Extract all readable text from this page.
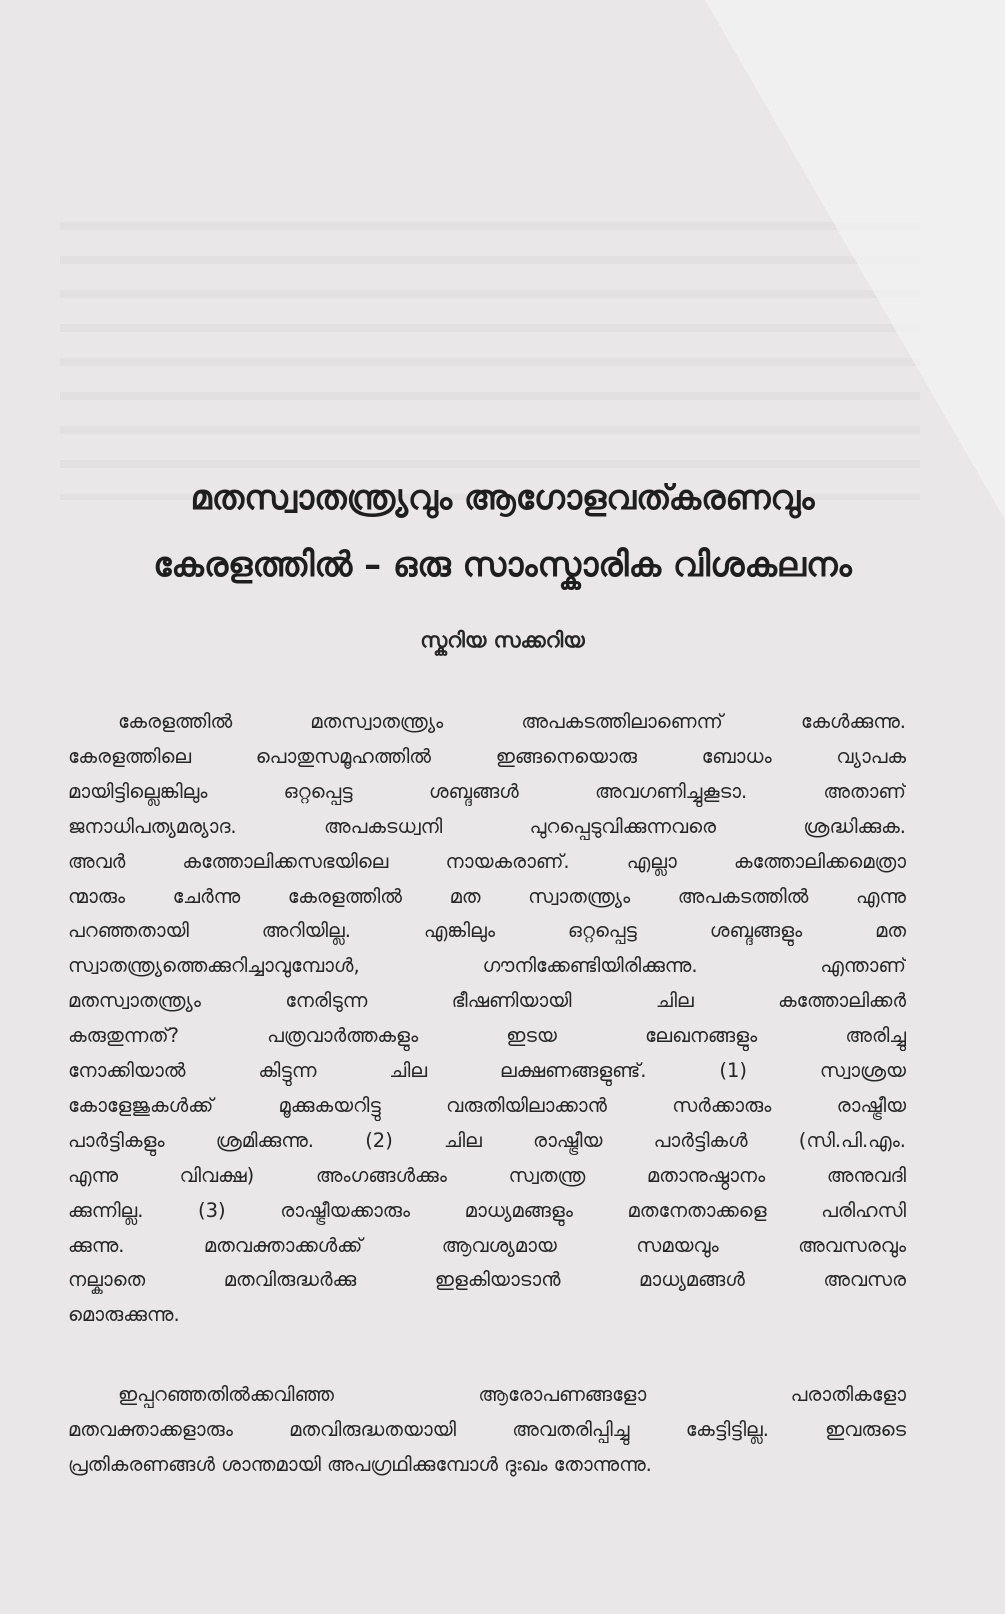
മതസ്വാതന്ത്ര്യവും ആഗോളവത്കരണവും
കേരളത്തിൽ – ഒരു സാംസ്കാരിക വിശകലനം
സ്കറിയ സക്കറിയ
കേരളത്തിൽ മതസ്വാതന്ത്ര്യം അപകടത്തിലാണെന്ന് കേൾക്കുന്നു.
കേരളത്തിലെ പൊതുസമൂഹത്തിൽ ഇങ്ങനെയൊരു ബോധം വ്യാപക
മായിട്ടില്ലെങ്കിലും ഒറ്റപ്പെട്ട ശബ്ദങ്ങൾ അവഗണിച്ചുകൂടാ. അതാണ്
ജനാധിപത്യമര്യാദ. അപകടധ്വനി പുറപ്പെടുവിക്കുന്നവരെ ശ്രദ്ധിക്കുക.
അവർ കത്തോലിക്കസഭയിലെ നായകരാണ്. എല്ലാ കത്തോലിക്കമെത്രാ
ന്മാരും ചേർന്നു കേരളത്തിൽ മത സ്വാതന്ത്ര്യം അപകടത്തിൽ എന്നു
പറഞ്ഞതായി അറിയില്ല. എങ്കിലും ഒറ്റപ്പെട്ട ശബ്ദങ്ങളും മത
സ്വാതന്ത്ര്യത്തെക്കുറിച്ചാവുമ്പോൾ, ഗൗനിക്കേണ്ടിയിരിക്കുന്നു. എന്താണ്
മതസ്വാതന്ത്ര്യം നേരിടുന്ന ഭീഷണിയായി ചില കത്തോലിക്കർ
കരുതുന്നത്? പത്രവാർത്തകളും ഇടയ ലേഖനങ്ങളും അരിച്ചു
നോക്കിയാൽ കിട്ടുന്ന ചില ലക്ഷണങ്ങളുണ്ട്. (1) സ്വാശ്രയ
കോളേജുകൾക്ക് മൂക്കുകയറിട്ടു വരുതിയിലാക്കാൻ സർക്കാരും രാഷ്ട്രീയ
പാർട്ടികളും ശ്രമിക്കുന്നു. (2) ചില രാഷ്ട്രീയ പാർട്ടികൾ (സി.പി.എം.
എന്നു വിവക്ഷ) അംഗങ്ങൾക്കും സ്വതന്ത്ര മതാനുഷ്ഠാനം അനുവദി
ക്കുന്നില്ല. (3) രാഷ്ട്രീയക്കാരും മാധ്യമങ്ങളും മതനേതാക്കളെ പരിഹസി
ക്കുന്നു. മതവക്താക്കൾക്ക് ആവശ്യമായ സമയവും അവസരവും
നല്കാതെ മതവിരുദ്ധർക്കു ഇളകിയാടാൻ മാധ്യമങ്ങൾ അവസര
മൊരുക്കുന്നു.
ഇപ്പറഞ്ഞതിൽക്കവിഞ്ഞ ആരോപണങ്ങളോ പരാതികളോ
മതവക്താക്കളാരും മതവിരുദ്ധതയായി അവതരിപ്പിച്ചു കേട്ടിട്ടില്ല. ഇവരുടെ
പ്രതികരണങ്ങൾ ശാന്തമായി അപഗ്രഥിക്കുമ്പോൾ ദുഃഖം തോന്നുന്നു.
